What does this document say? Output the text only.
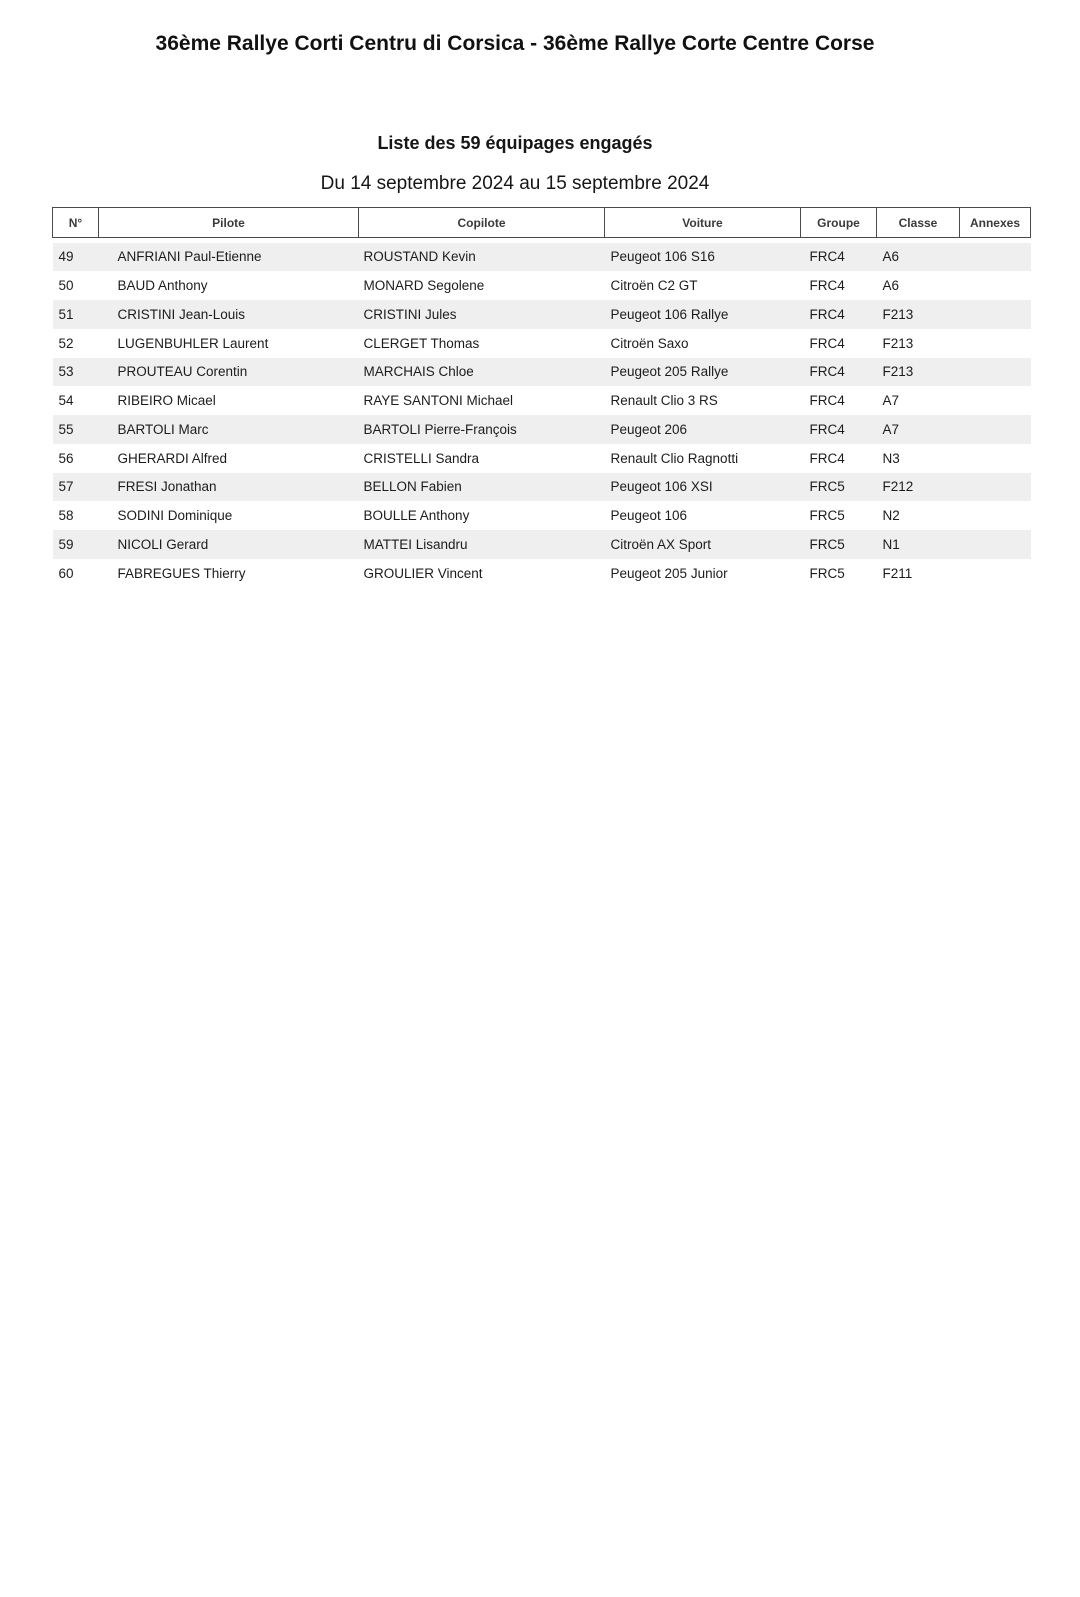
36ème Rallye Corti Centru di Corsica - 36ème Rallye Corte Centre Corse
Liste des 59 équipages engagés
Du 14 septembre 2024 au 15 septembre 2024
N°	Pilote	Copilote	Voiture	Groupe	Classe	Annexes

49	ANFRIANI Paul-Etienne	ROUSTAND Kevin	Peugeot 106 S16	FRC4	A6	
50	BAUD Anthony	MONARD Segolene	Citroën C2 GT	FRC4	A6	
51	CRISTINI Jean-Louis	CRISTINI Jules	Peugeot 106 Rallye	FRC4	F213	
52	LUGENBUHLER Laurent	CLERGET Thomas	Citroën Saxo	FRC4	F213	
53	PROUTEAU Corentin	MARCHAIS Chloe	Peugeot 205 Rallye	FRC4	F213	
54	RIBEIRO Micael	RAYE SANTONI Michael	Renault Clio 3 RS	FRC4	A7	
55	BARTOLI Marc	BARTOLI Pierre-François	Peugeot 206	FRC4	A7	
56	GHERARDI Alfred	CRISTELLI Sandra	Renault Clio Ragnotti	FRC4	N3	
57	FRESI Jonathan	BELLON Fabien	Peugeot 106 XSI	FRC5	F212	
58	SODINI Dominique	BOULLE Anthony	Peugeot 106	FRC5	N2	
59	NICOLI Gerard	MATTEI Lisandru	Citroën AX Sport	FRC5	N1	
60	FABREGUES Thierry	GROULIER Vincent	Peugeot 205 Junior	FRC5	F211	
